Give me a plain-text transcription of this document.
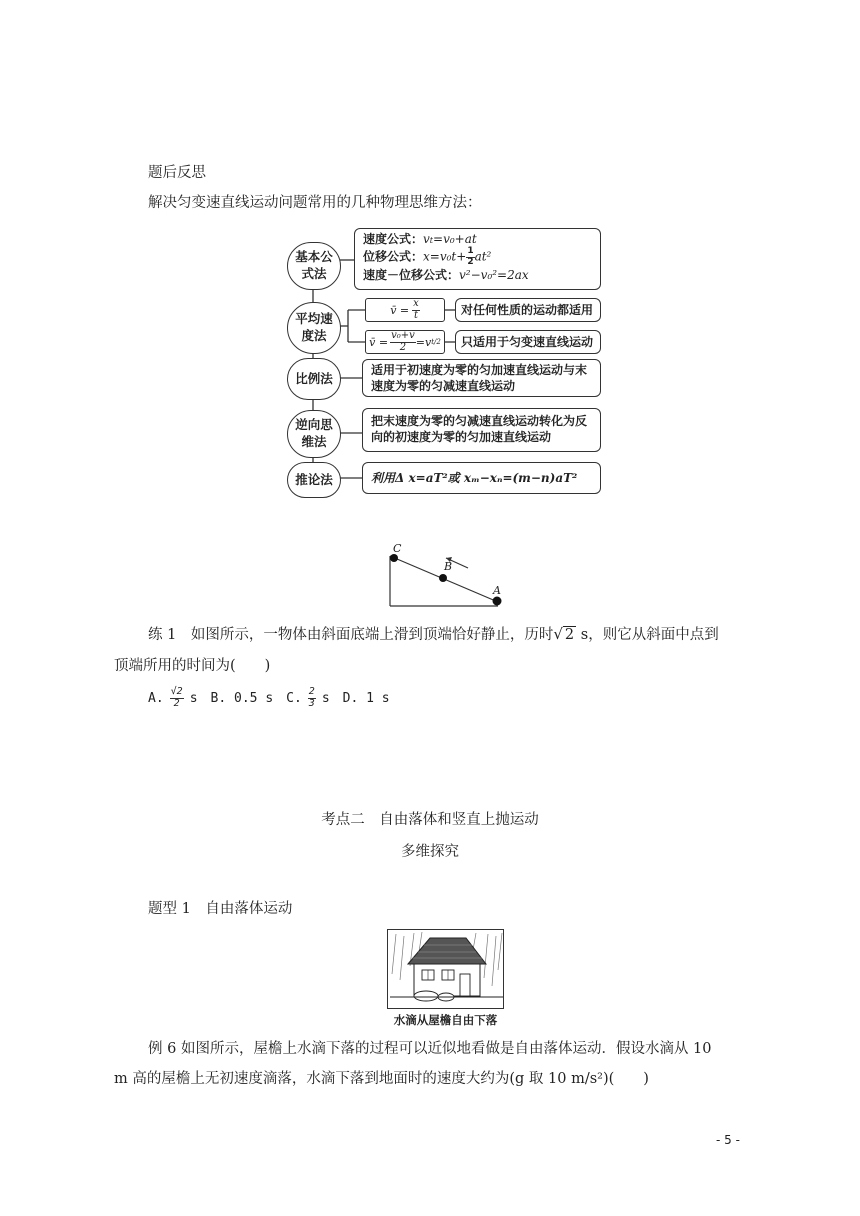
题后反思
解决匀变速直线运动问题常用的几种物理思维方法：
基本公
式法
平均速
度法
比例法
逆向思
维法
推论法
速度公式：vt=v₀+at
位移公式：$x=v_0t+ \frac{1}{2} at^2$
速度－位移公式：v²−v₀²=2ax
v̄ = $\frac{x}{t}$	对任何性质的运动都适用
v̄ = $\frac{\text{v₀+v}}{2} =v$ t/2	只适用于匀变速直线运动
适用于初速度为零的匀加速直线运动与末
速度为零的匀减速直线运动
把末速度为零的匀减速直线运动转化为反
向的初速度为零的匀加速直线运动
利用Δ x=aT²或 xₘ−xₙ=(m−n)aT²
C
B
A
练 1　如图所示，一物体由斜面底端上滑到顶端恰好静止，历时√ 2 s，则它从斜面中点到
顶端所用的时间为(　　)
A. $\frac{√2}{2}$ s　B. 0.5 s　C. $\frac{2}{3}$ s　D. 1 s
考点二　自由落体和竖直上抛运动
多维探究
题型 1　自由落体运动
水滴从屋檐自由下落
例 6 如图所示，屋檐上水滴下落的过程可以近似地看做是自由落体运动．假设水滴从 10
m 高的屋檐上无初速度滴落，水滴下落到地面时的速度大约为(g 取 10 m/s²)(　　)
- 5 -
